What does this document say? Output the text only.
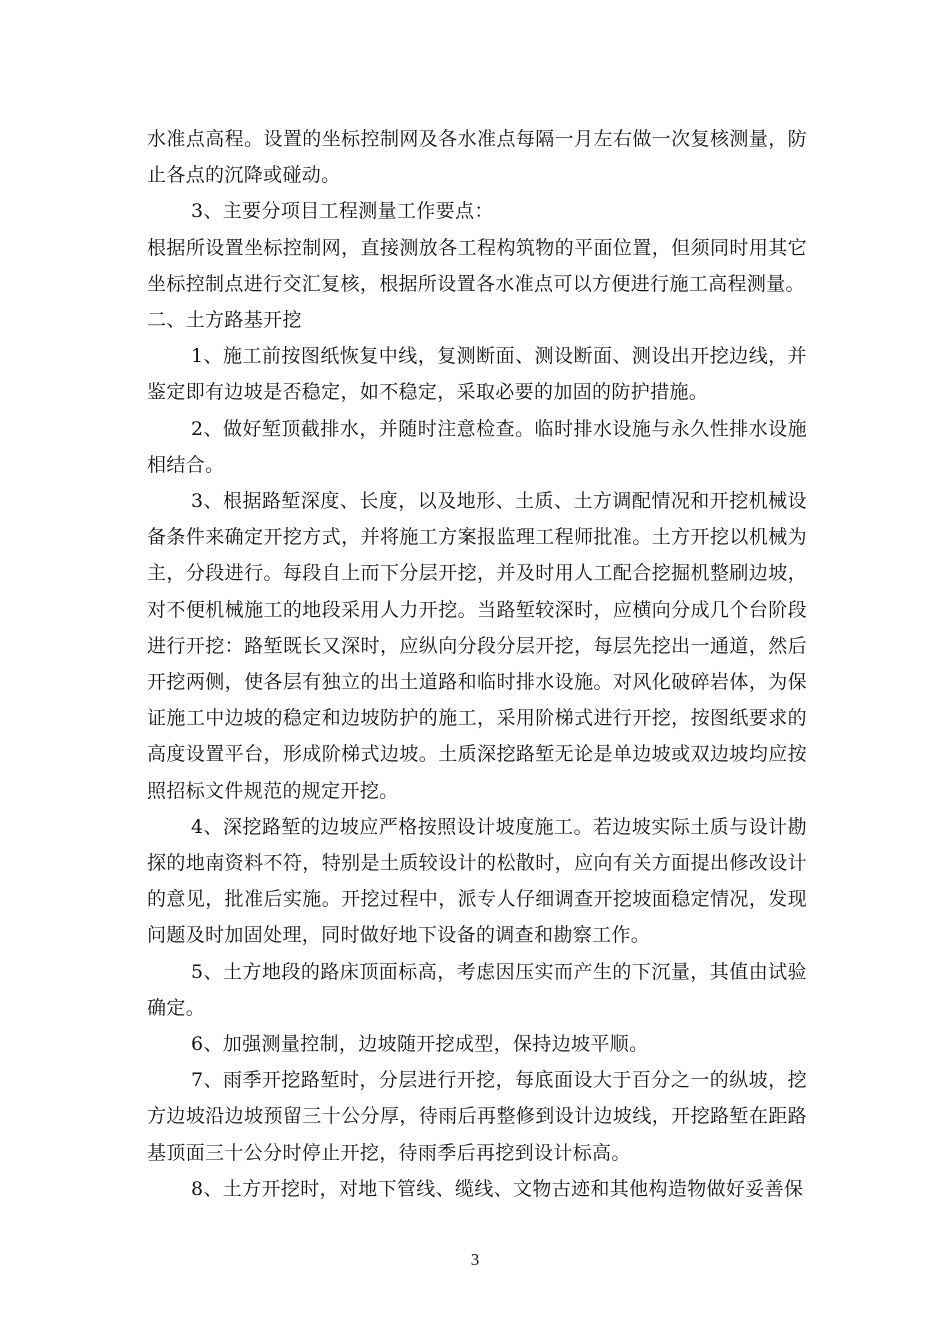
水准点高程。设置的坐标控制网及各水准点每隔一月左右做一次复核测量，防止各点的沉降或碰动。

3、主要分项目工程测量工作要点：

根据所设置坐标控制网，直接测放各工程构筑物的平面位置，但须同时用其它坐标控制点进行交汇复核，根据所设置各水准点可以方便进行施工高程测量。

二、土方路基开挖

1、施工前按图纸恢复中线，复测断面、测设断面、测设出开挖边线，并鉴定即有边坡是否稳定，如不稳定，采取必要的加固的防护措施。

2、做好堑顶截排水，并随时注意检查。临时排水设施与永久性排水设施相结合。

3、根据路堑深度、长度，以及地形、土质、土方调配情况和开挖机械设备条件来确定开挖方式，并将施工方案报监理工程师批准。土方开挖以机械为主，分段进行。每段自上而下分层开挖，并及时用人工配合挖掘机整刷边坡，对不便机械施工的地段采用人力开挖。当路堑较深时，应横向分成几个台阶段进行开挖：路堑既长又深时，应纵向分段分层开挖，每层先挖出一通道，然后开挖两侧，使各层有独立的出土道路和临时排水设施。对风化破碎岩体，为保证施工中边坡的稳定和边坡防护的施工，采用阶梯式进行开挖，按图纸要求的高度设置平台，形成阶梯式边坡。土质深挖路堑无论是单边坡或双边坡均应按照招标文件规范的规定开挖。

4、深挖路堑的边坡应严格按照设计坡度施工。若边坡实际土质与设计勘探的地南资料不符，特别是土质较设计的松散时，应向有关方面提出修改设计的意见，批准后实施。开挖过程中，派专人仔细调查开挖坡面稳定情况，发现问题及时加固处理，同时做好地下设备的调查和勘察工作。

5、土方地段的路床顶面标高，考虑因压实而产生的下沉量，其值由试验确定。

6、加强测量控制，边坡随开挖成型，保持边坡平顺。

7、雨季开挖路堑时，分层进行开挖，每底面设大于百分之一的纵坡，挖方边坡沿边坡预留三十公分厚，待雨后再整修到设计边坡线，开挖路堑在距路基顶面三十公分时停止开挖，待雨季后再挖到设计标高。

8、土方开挖时，对地下管线、缆线、文物古迹和其他构造物做好妥善保

3
